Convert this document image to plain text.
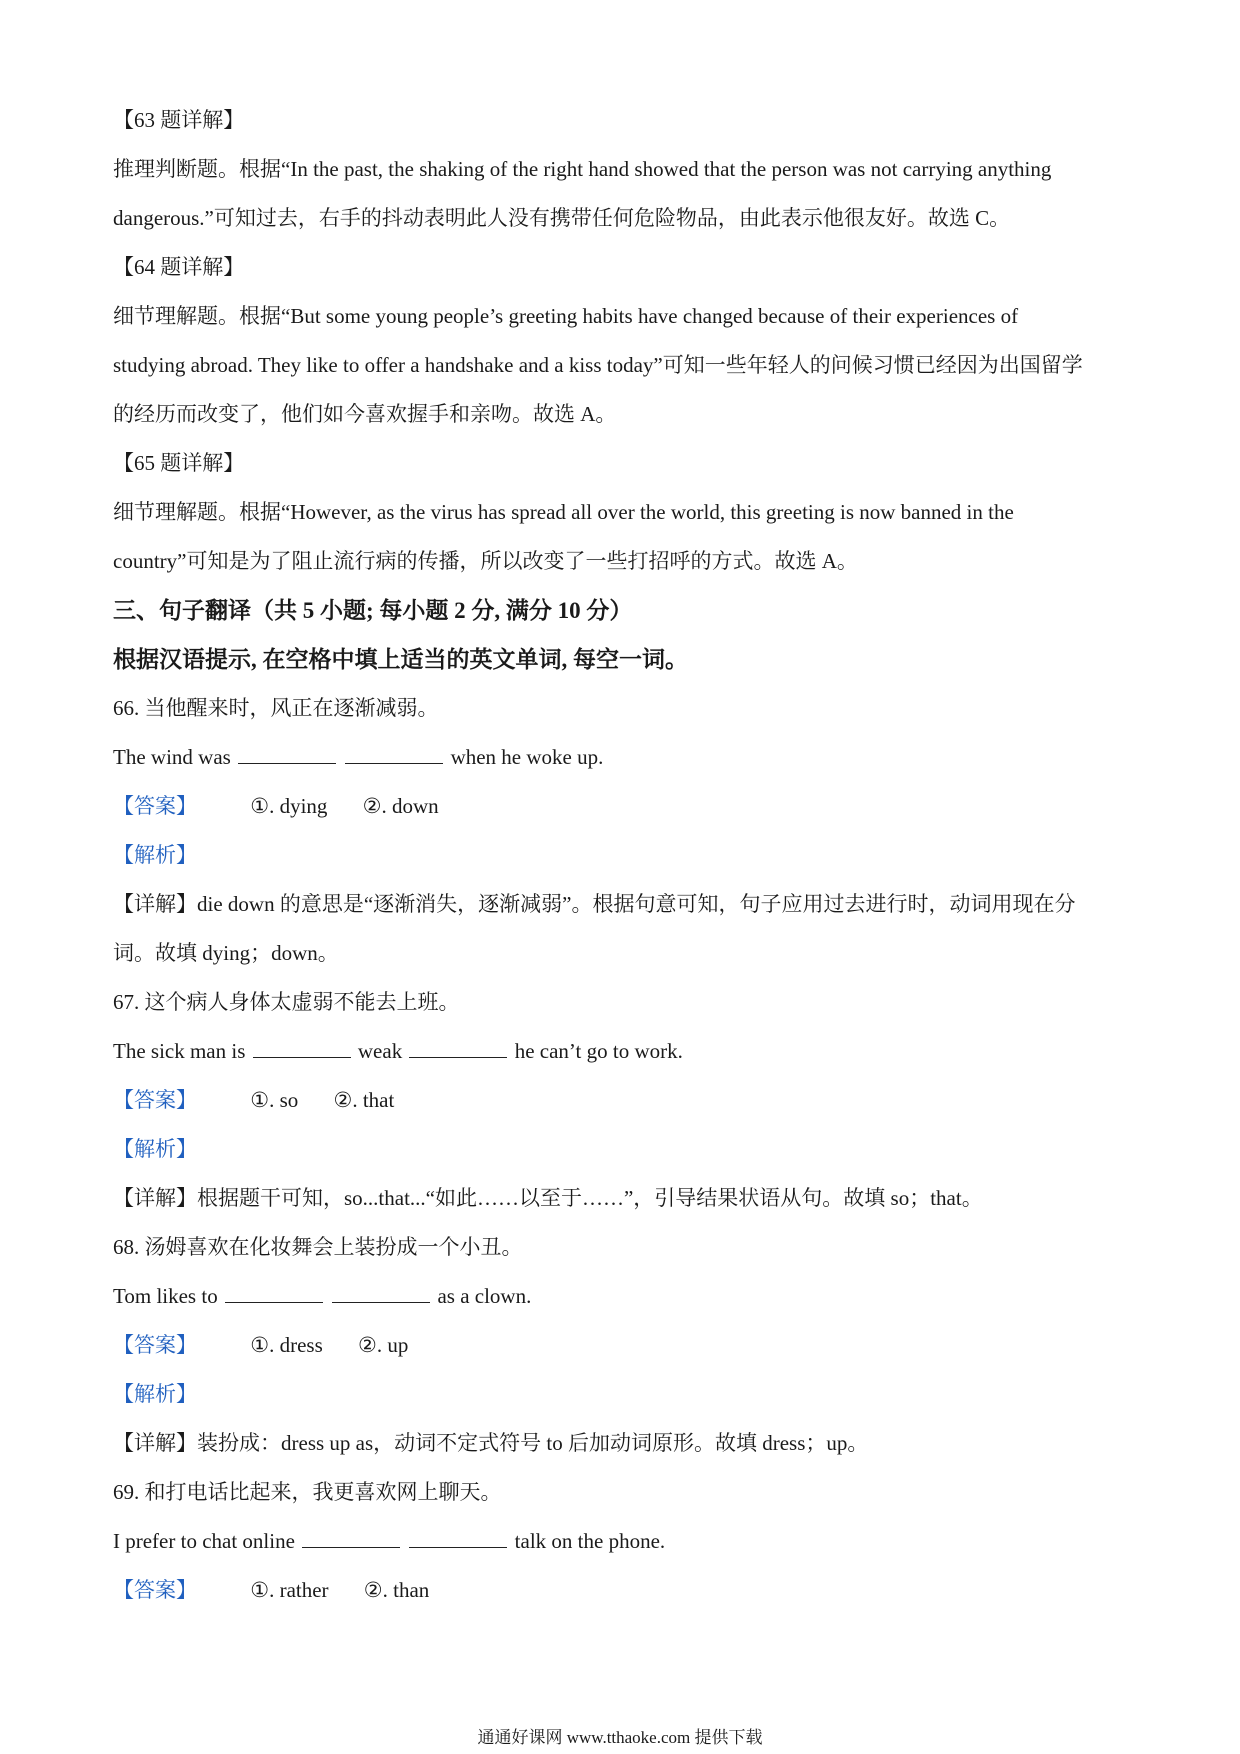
【63 题详解】
推理判断题。根据“In the past, the shaking of the right hand showed that the person was not carrying anything
dangerous.”可知过去，右手的抖动表明此人没有携带任何危险物品，由此表示他很友好。故选 C。
【64 题详解】
细节理解题。根据“But some young people’s greeting habits have changed because of their experiences of
studying abroad. They like to offer a handshake and a kiss today”可知一些年轻人的问候习惯已经因为出国留学
的经历而改变了，他们如今喜欢握手和亲吻。故选 A。
【65 题详解】
细节理解题。根据“However, as the virus has spread all over the world, this greeting is now banned in the
country”可知是为了阻止流行病的传播，所以改变了一些打招呼的方式。故选 A。
三、句子翻译（共 5 小题; 每小题 2 分, 满分 10 分）
根据汉语提示, 在空格中填上适当的英文单词, 每空一词。
66. 当他醒来时，风正在逐渐减弱。
The wind was	when he woke up.
【答案】	①. dying ②. down
【解析】
【详解】die down 的意思是“逐渐消失，逐渐减弱”。根据句意可知，句子应用过去进行时，动词用现在分
词。故填 dying；down。
67. 这个病人身体太虚弱不能去上班。
The sick man is	weak	he can’t go to work.
【答案】	①. so ②. that
【解析】
【详解】根据题干可知，so...that...“如此……以至于……”，引导结果状语从句。故填 so；that。
68. 汤姆喜欢在化妆舞会上装扮成一个小丑。
Tom likes to	as a clown.
【答案】	①. dress ②. up
【解析】
【详解】装扮成：dress up as，动词不定式符号 to 后加动词原形。故填 dress；up。
69. 和打电话比起来，我更喜欢网上聊天。
I prefer to chat online	talk on the phone.
【答案】	①. rather ②. than
通通好课网 www.tthaoke.com 提供下载
